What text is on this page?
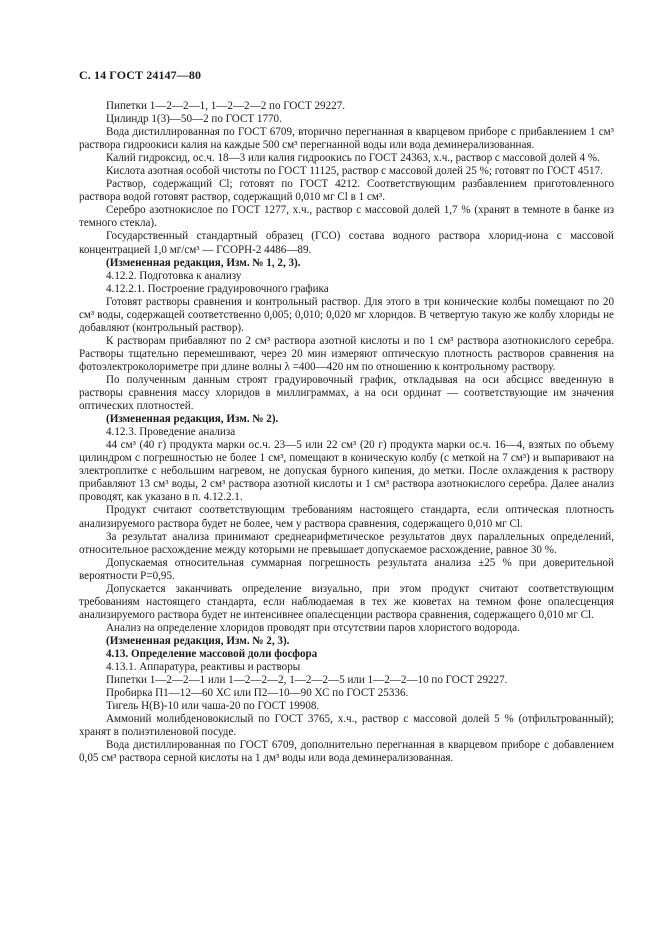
С. 14 ГОСТ 24147—80

Пипетки 1—2—2—1, 1—2—2—2 по ГОСТ 29227.

Цилиндр 1(3)—50—2 по ГОСТ 1770.

Вода дистиллированная по ГОСТ 6709, вторично перегнанная в кварцевом приборе с прибавлением 1 см³ раствора гидроокиси калия на каждые 500 см³ перегнанной воды или вода деминерализованная.

Калий гидроксид, ос.ч. 18—3 или калия гидроокись по ГОСТ 24363, х.ч., раствор с массовой долей 4 %.

Кислота азотная особой чистоты по ГОСТ 11125, раствор с массовой долей 25 %; готовят по ГОСТ 4517.

Раствор, содержащий Cl; готовят по ГОСТ 4212. Соответствующим разбавлением приготовленного раствора водой готовят раствор, содержащий 0,010 мг Cl в 1 см³.

Серебро азотнокислое по ГОСТ 1277, х.ч., раствор с массовой долей 1,7 % (хранят в темноте в банке из темного стекла).

Государственный стандартный образец (ГСО) состава водного раствора хлорид-иона с массовой концентрацией 1,0 мг/см³ — ГСОРН-2 4486—89.

(Измененная редакция, Изм. № 1, 2, 3).

4.12.2. Подготовка к анализу

4.12.2.1. Построение градуировочного графика

Готовят растворы сравнения и контрольный раствор. Для этого в три конические колбы помещают по 20 см³ воды, содержащей соответственно 0,005; 0,010; 0,020 мг хлоридов. В четвертую такую же колбу хлориды не добавляют (контрольный раствор).

К растворам прибавляют по 2 см³ раствора азотной кислоты и по 1 см³ раствора азотнокислого серебра. Растворы тщательно перемешивают, через 20 мин измеряют оптическую плотность растворов сравнения на фотоэлектроколориметре при длине волны λ =400—420 нм по отношению к контрольному раствору.

По полученным данным строят градуировочный график, откладывая на оси абсцисс введенную в растворы сравнения массу хлоридов в миллиграммах, а на оси ординат — соответствующие им значения оптических плотностей.

(Измененная редакция, Изм. № 2).

4.12.3. Проведение анализа

44 см³ (40 г) продукта марки ос.ч. 23—5 или 22 см³ (20 г) продукта марки ос.ч. 16—4, взятых по объему цилиндром с погрешностью не более 1 см³, помещают в коническую колбу (с меткой на 7 см³) и выпаривают на электроплитке с небольшим нагревом, не допуская бурного кипения, до метки. После охлаждения к раствору прибавляют 13 см³ воды, 2 см³ раствора азотной кислоты и 1 см³ раствора азотнокислого серебра. Далее анализ проводят, как указано в п. 4.12.2.1.

Продукт считают соответствующим требованиям настоящего стандарта, если оптическая плотность анализируемого раствора будет не более, чем у раствора сравнения, содержащего 0,010 мг Cl.

За результат анализа принимают среднеарифметическое результатов двух параллельных определений, относительное расхождение между которыми не превышает допускаемое расхождение, равное 30 %.

Допускаемая относительная суммарная погрешность результата анализа ±25 % при доверительной вероятности P=0,95.

Допускается заканчивать определение визуально, при этом продукт считают соответствующим требованиям настоящего стандарта, если наблюдаемая в тех же кюветах на темном фоне опалесценция анализируемого раствора будет не интенсивнее опалесценции раствора сравнения, содержащего 0,010 мг Cl.

Анализ на определение хлоридов проводят при отсутствии паров хлористого водорода.

(Измененная редакция, Изм. № 2, 3).

4.13. Определение массовой доли фосфора

4.13.1. Аппаратура, реактивы и растворы

Пипетки 1—2—2—1 или 1—2—2—2, 1—2—2—5 или 1—2—2—10 по ГОСТ 29227.

Пробирка П1—12—60 ХС или П2—10—90 ХС по ГОСТ 25336.

Тигель Н(В)-10 или чаша-20 по ГОСТ 19908.

Аммоний молибденовокислый по ГОСТ 3765, х.ч., раствор с массовой долей 5 % (отфильтрованный); хранят в полиэтиленовой посуде.

Вода дистиллированная по ГОСТ 6709, дополнительно перегнанная в кварцевом приборе с добавлением 0,05 см³ раствора серной кислоты на 1 дм³ воды или вода деминерализованная.
